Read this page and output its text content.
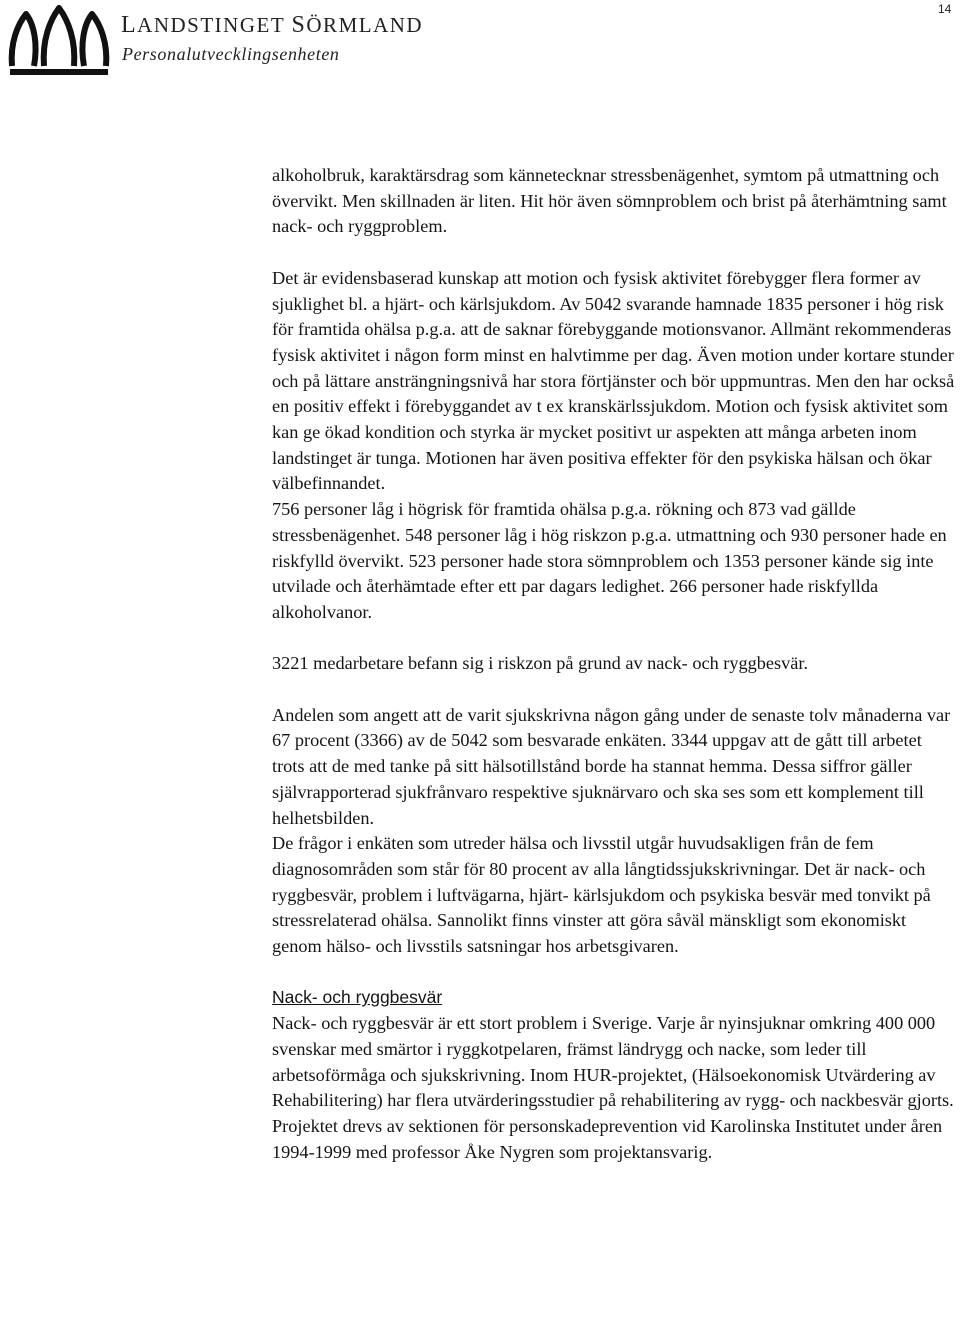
LANDSTINGET SÖRMLAND
Personalutvecklingsenheten
14

alkoholbruk, karaktärsdrag som kännetecknar stressbenägenhet, symtom på utmattning och övervikt. Men skillnaden är liten. Hit hör även sömnproblem och brist på återhämtning samt nack- och ryggproblem.

Det är evidensbaserad kunskap att motion och fysisk aktivitet förebygger flera former av sjuklighet bl. a hjärt- och kärlsjukdom. Av 5042 svarande hamnade 1835 personer i hög risk för framtida ohälsa p.g.a. att de saknar förebyggande motionsvanor. Allmänt rekommenderas fysisk aktivitet i någon form minst en halvtimme per dag. Även motion under kortare stunder och på lättare ansträngningsnivå har stora förtjänster och bör uppmuntras. Men den har också en positiv effekt i förebyggandet av t ex kranskärlssjukdom. Motion och fysisk aktivitet som kan ge ökad kondition och styrka är mycket positivt ur aspekten att många arbeten inom landstinget är tunga. Motionen har även positiva effekter för den psykiska hälsan och ökar välbefinnandet.

756 personer låg i högrisk för framtida ohälsa p.g.a. rökning och 873 vad gällde stressbenägenhet. 548 personer låg i hög riskzon p.g.a. utmattning och 930 personer hade en riskfylld övervikt. 523 personer hade stora sömnproblem och 1353 personer kände sig inte utvilade och återhämtade efter ett par dagars ledighet. 266 personer hade riskfyllda alkoholvanor.

3221 medarbetare befann sig i riskzon på grund av nack- och ryggbesvär.

Andelen som angett att de varit sjukskrivna någon gång under de senaste tolv månaderna var 67 procent (3366) av de 5042 som besvarade enkäten. 3344 uppgav att de gått till arbetet trots att de med tanke på sitt hälsotillstånd borde ha stannat hemma. Dessa siffror gäller självrapporterad sjukfrånvaro respektive sjuknärvaro och ska ses som ett komplement till helhetsbilden.

De frågor i enkäten som utreder hälsa och livsstil utgår huvudsakligen från de fem diagnosområden som står för 80 procent av alla långtidssjukskrivningar. Det är nack- och ryggbesvär, problem i luftvägarna, hjärt- kärlsjukdom och psykiska besvär med tonvikt på stressrelaterad ohälsa. Sannolikt finns vinster att göra såväl mänskligt som ekonomiskt genom hälso- och livsstils satsningar hos arbetsgivaren.

Nack- och ryggbesvär

Nack- och ryggbesvär är ett stort problem i Sverige. Varje år nyinsjuknar omkring 400 000 svenskar med smärtor i ryggkotpelaren, främst ländrygg och nacke, som leder till arbetsoförmåga och sjukskrivning. Inom HUR-projektet, (Hälsoekonomisk Utvärdering av Rehabilitering) har flera utvärderingsstudier på rehabilitering av rygg- och nackbesvär gjorts. Projektet drevs av sektionen för personskadeprevention vid Karolinska Institutet under åren 1994-1999 med professor Åke Nygren som projektansvarig.
